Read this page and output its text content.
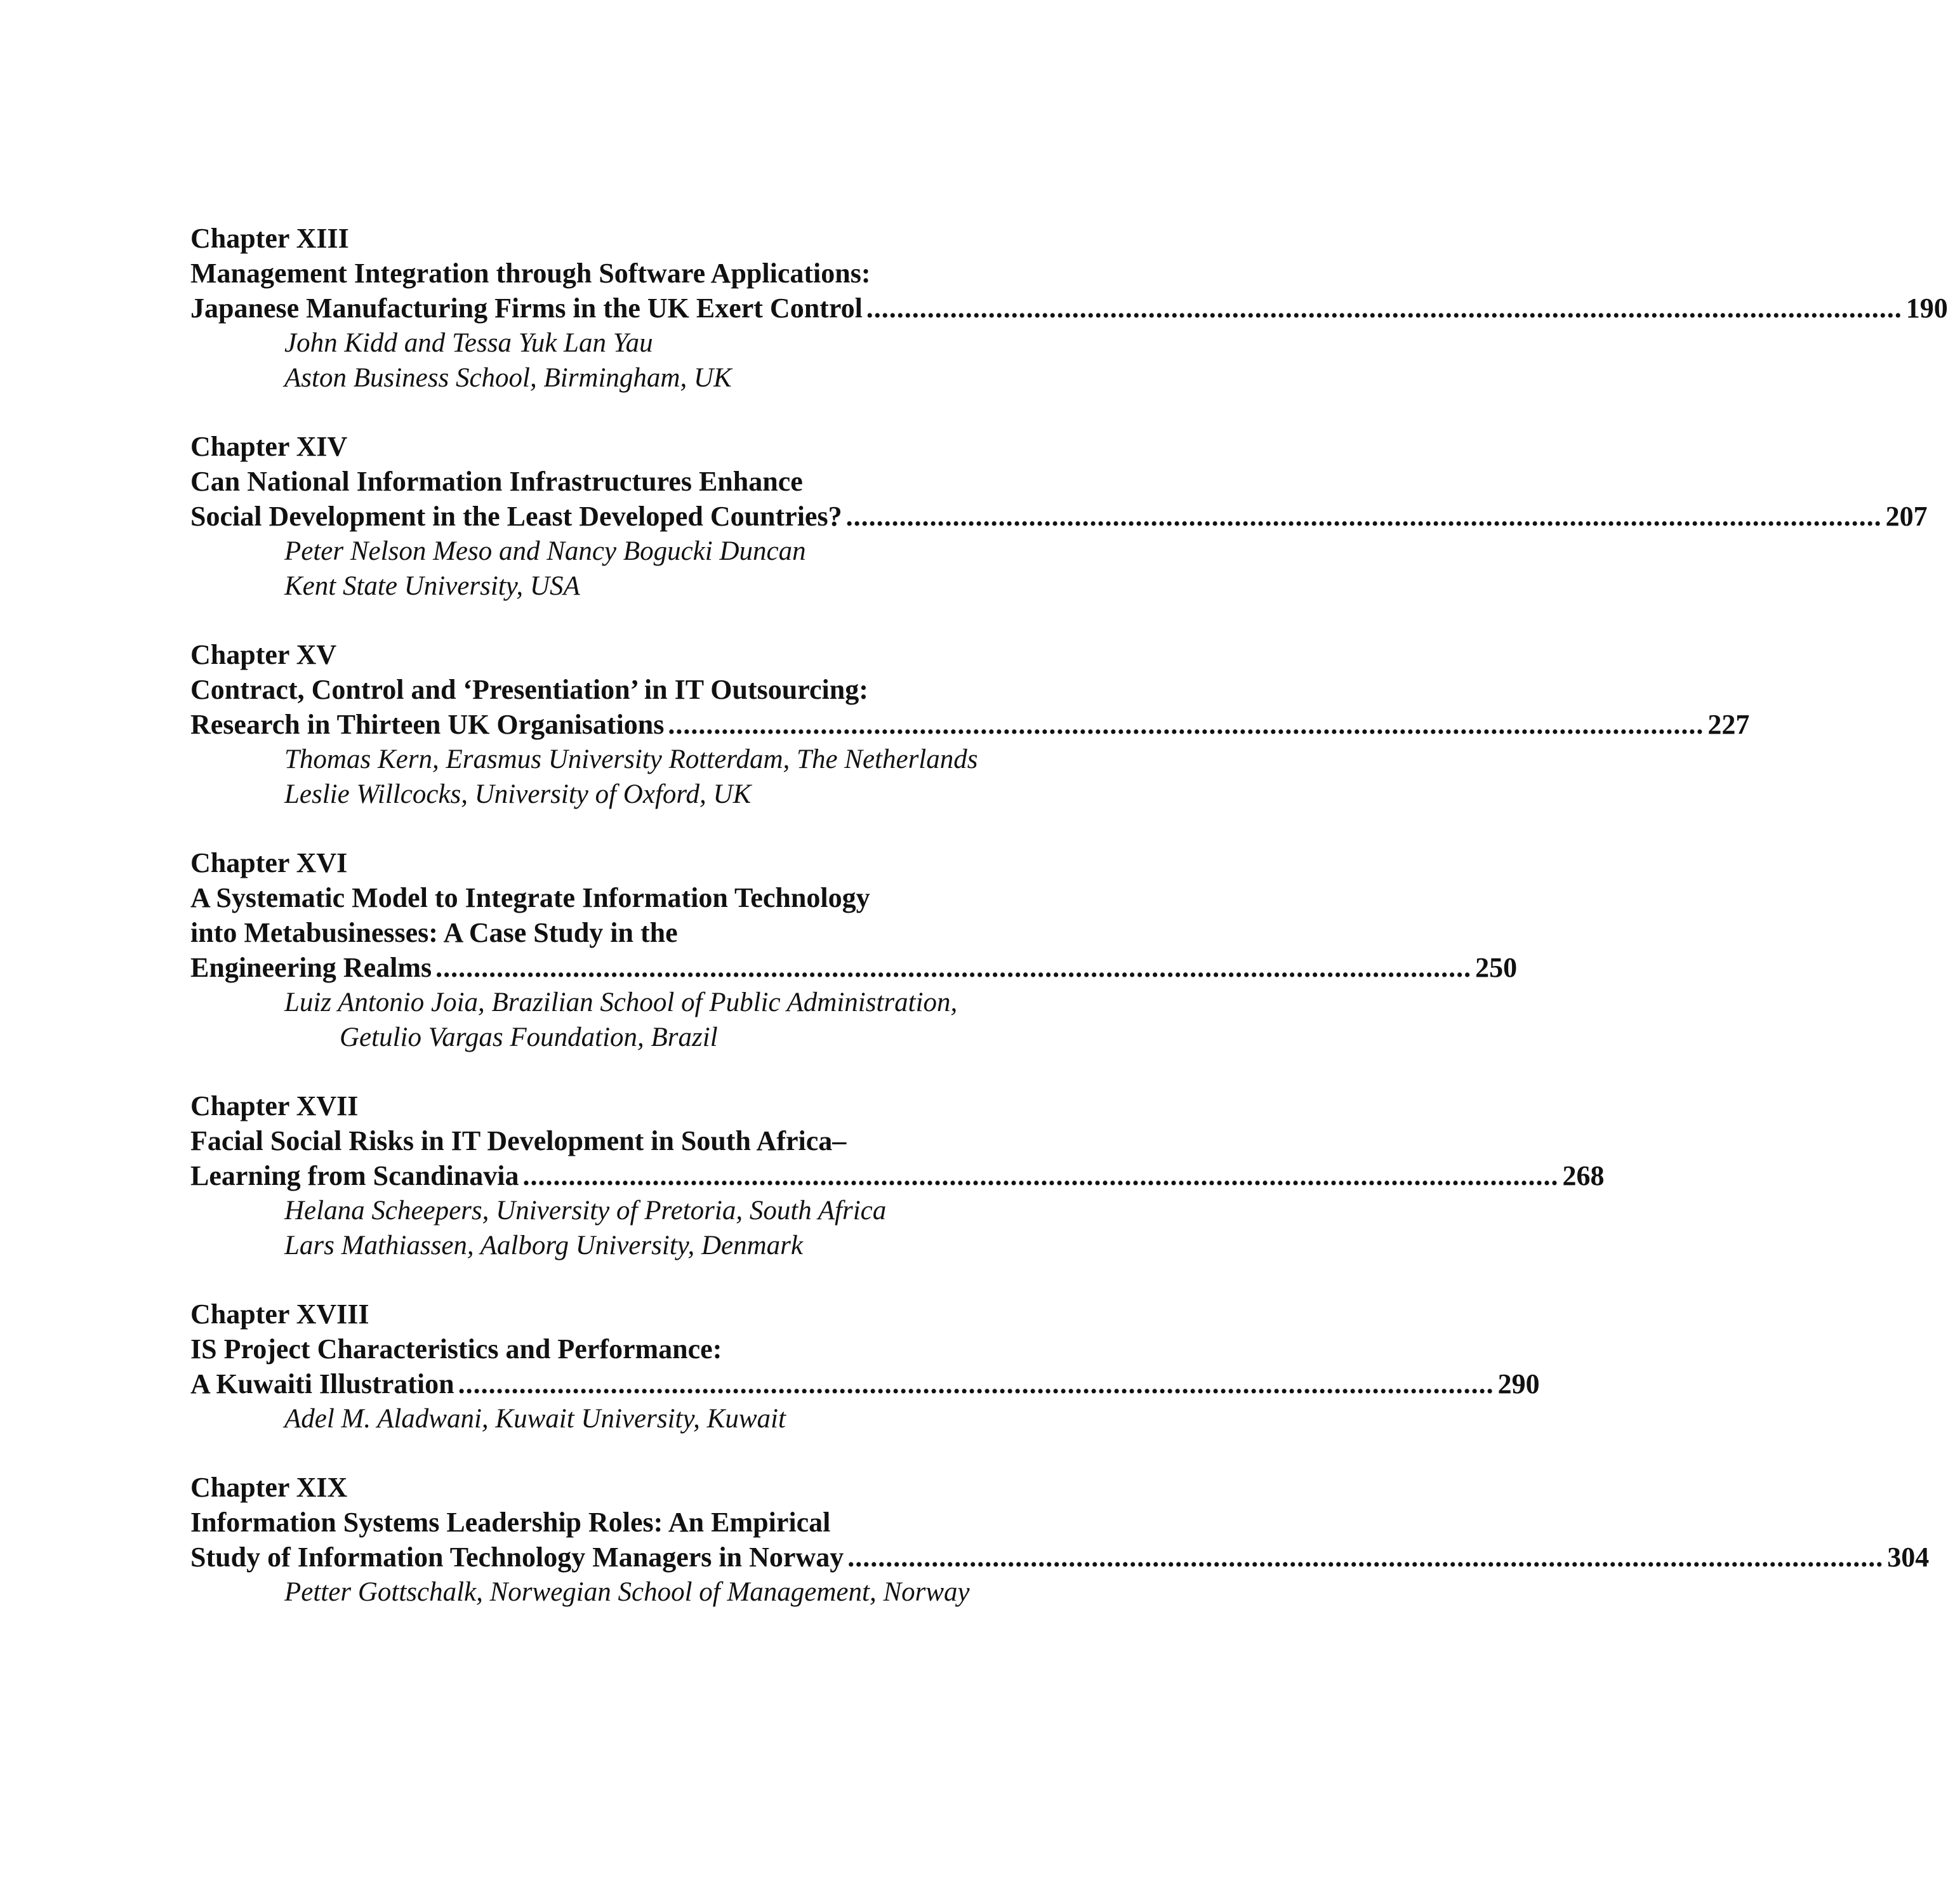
Chapter XIII
Management Integration through Software Applications:
Japanese Manufacturing Firms in the UK Exert Control ........................................................................................................................................ 190
John Kidd and Tessa Yuk Lan Yau
Aston Business School, Birmingham, UK
Chapter XIV
Can National Information Infrastructures Enhance
Social Development in the Least Developed Countries? ........................................................................................................................................ 207
Peter Nelson Meso and Nancy Bogucki Duncan
Kent State University, USA
Chapter XV
Contract, Control and ‘Presentiation’ in IT Outsourcing:
Research in Thirteen UK Organisations ........................................................................................................................................ 227
Thomas Kern, Erasmus University Rotterdam, The Netherlands
Leslie Willcocks, University of Oxford, UK
Chapter XVI
A Systematic Model to Integrate Information Technology
into Metabusinesses: A Case Study in the
Engineering Realms ........................................................................................................................................ 250
Luiz Antonio Joia, Brazilian School of Public Administration,
Getulio Vargas Foundation, Brazil
Chapter XVII
Facial Social Risks in IT Development in South Africa–
Learning from Scandinavia ........................................................................................................................................ 268
Helana Scheepers, University of Pretoria, South Africa
Lars Mathiassen, Aalborg University, Denmark
Chapter XVIII
IS Project Characteristics and Performance:
A Kuwaiti Illustration ........................................................................................................................................ 290
Adel M. Aladwani, Kuwait University, Kuwait
Chapter XIX
Information Systems Leadership Roles: An Empirical
Study of Information Technology Managers in Norway ........................................................................................................................................ 304
Petter Gottschalk, Norwegian School of Management, Norway
